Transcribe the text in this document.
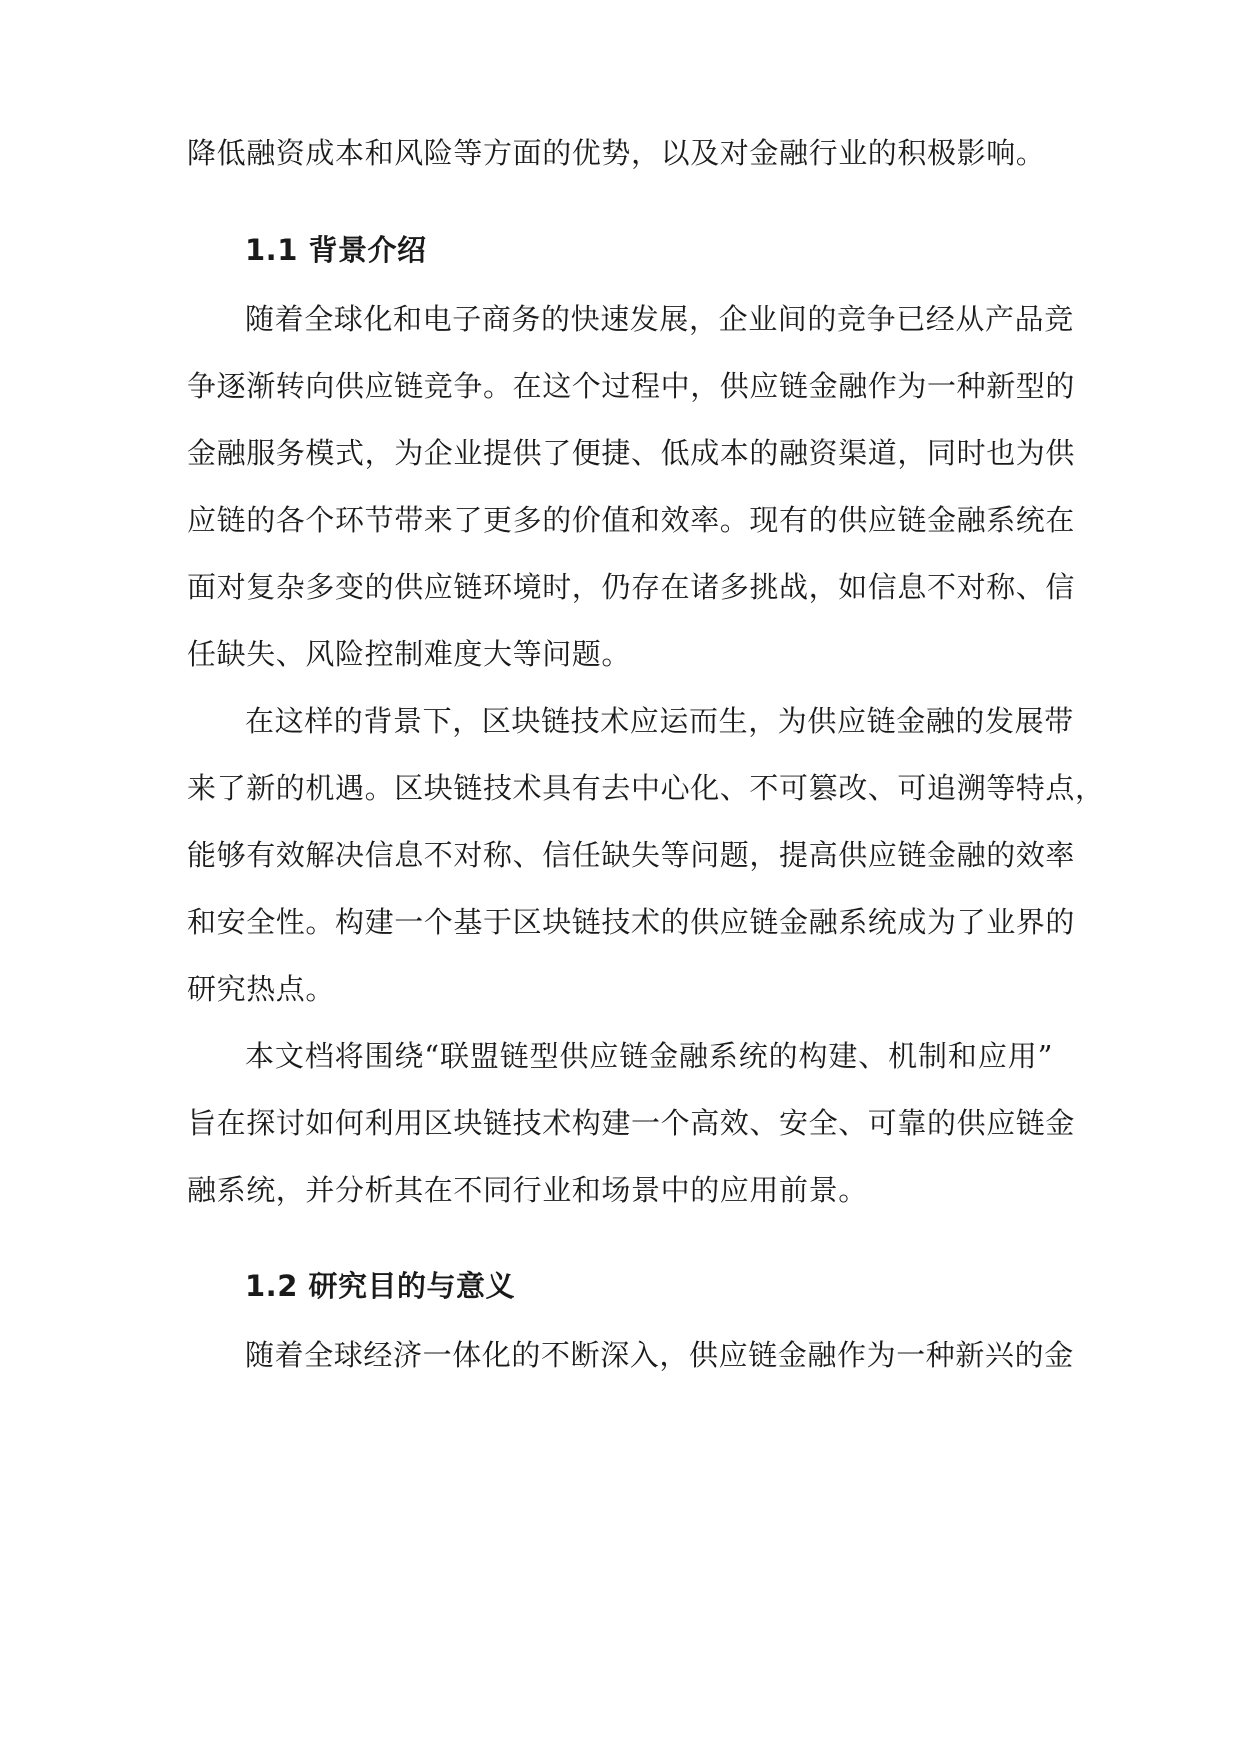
降低融资成本和风险等方面的优势，以及对金融行业的积极影响。
1.1 背景介绍
随着全球化和电子商务的快速发展，企业间的竞争已经从产品竞
争逐渐转向供应链竞争。在这个过程中，供应链金融作为一种新型的
金融服务模式，为企业提供了便捷、低成本的融资渠道，同时也为供
应链的各个环节带来了更多的价值和效率。现有的供应链金融系统在
面对复杂多变的供应链环境时，仍存在诸多挑战，如信息不对称、信
任缺失、风险控制难度大等问题。
在这样的背景下，区块链技术应运而生，为供应链金融的发展带
来了新的机遇。区块链技术具有去中心化、不可篡改、可追溯等特点，
能够有效解决信息不对称、信任缺失等问题，提高供应链金融的效率
和安全性。构建一个基于区块链技术的供应链金融系统成为了业界的
研究热点。
本文档将围绕“联盟链型供应链金融系统的构建、机制和应用”
旨在探讨如何利用区块链技术构建一个高效、安全、可靠的供应链金
融系统，并分析其在不同行业和场景中的应用前景。
1.2 研究目的与意义
随着全球经济一体化的不断深入，供应链金融作为一种新兴的金
